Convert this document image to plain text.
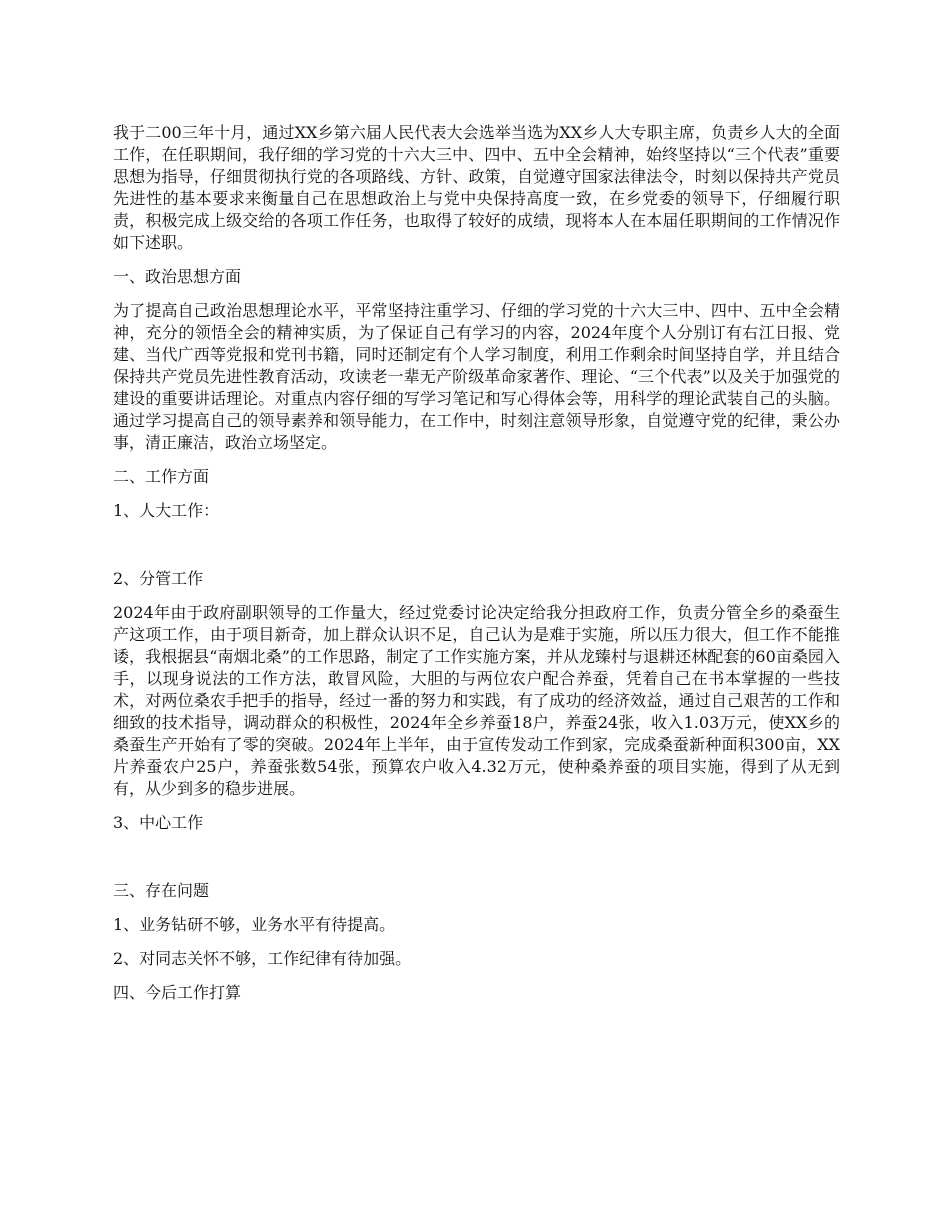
我于二00三年十月，通过XX乡第六届人民代表大会选举当选为XX乡人大专职主席，负责乡人大的全面工作，在任职期间，我仔细的学习党的十六大三中、四中、五中全会精神，始终坚持以“三个代表”重要思想为指导，仔细贯彻执行党的各项路线、方针、政策，自觉遵守国家法律法令，时刻以保持共产党员先进性的基本要求来衡量自己在思想政治上与党中央保持高度一致，在乡党委的领导下，仔细履行职责，积极完成上级交给的各项工作任务，也取得了较好的成绩，现将本人在本届任职期间的工作情况作如下述职。

一、政治思想方面

为了提高自己政治思想理论水平，平常坚持注重学习、仔细的学习党的十六大三中、四中、五中全会精神，充分的领悟全会的精神实质，为了保证自己有学习的内容，2024年度个人分别订有右江日报、党建、当代广西等党报和党刊书籍，同时还制定有个人学习制度，利用工作剩余时间坚持自学，并且结合保持共产党员先进性教育活动，攻读老一辈无产阶级革命家著作、理论、“三个代表”以及关于加强党的建设的重要讲话理论。对重点内容仔细的写学习笔记和写心得体会等，用科学的理论武装自己的头脑。通过学习提高自己的领导素养和领导能力，在工作中，时刻注意领导形象，自觉遵守党的纪律，秉公办事，清正廉洁，政治立场坚定。

二、工作方面

1、人大工作：

2、分管工作

2024年由于政府副职领导的工作量大，经过党委讨论决定给我分担政府工作，负责分管全乡的桑蚕生产这项工作，由于项目新奇，加上群众认识不足，自己认为是难于实施，所以压力很大，但工作不能推诿，我根据县“南烟北桑”的工作思路，制定了工作实施方案，并从龙臻村与退耕还林配套的60亩桑园入手，以现身说法的工作方法，敢冒风险，大胆的与两位农户配合养蚕，凭着自己在书本掌握的一些技术，对两位桑农手把手的指导，经过一番的努力和实践，有了成功的经济效益，通过自己艰苦的工作和细致的技术指导，调动群众的积极性，2024年全乡养蚕18户，养蚕24张，收入1.03万元，使XX乡的桑蚕生产开始有了零的突破。2024年上半年，由于宣传发动工作到家，完成桑蚕新种面积300亩，XX片养蚕农户25户，养蚕张数54张，预算农户收入4.32万元，使种桑养蚕的项目实施，得到了从无到有，从少到多的稳步进展。

3、中心工作

三、存在问题

1、业务钻研不够，业务水平有待提高。

2、对同志关怀不够，工作纪律有待加强。

四、今后工作打算
